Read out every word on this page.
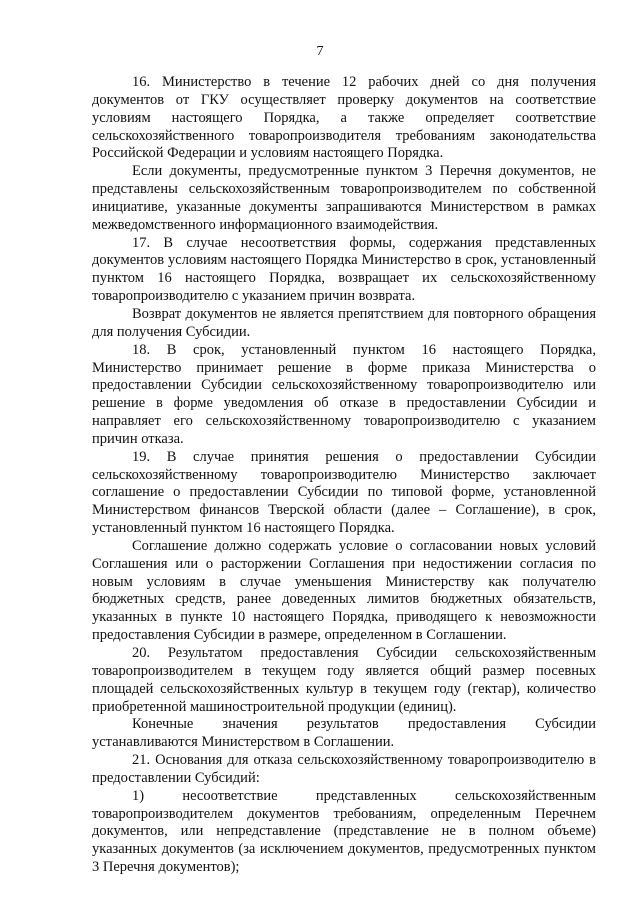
7

16. Министерство в течение 12 рабочих дней со дня получения документов от ГКУ осуществляет проверку документов на соответствие условиям настоящего Порядка, а также определяет соответствие сельскохозяйственного товаропроизводителя требованиям законодательства Российской Федерации и условиям настоящего Порядка.

Если документы, предусмотренные пунктом 3 Перечня документов, не представлены сельскохозяйственным товаропроизводителем по собственной инициативе, указанные документы запрашиваются Министерством в рамках межведомственного информационного взаимодействия.

17. В случае несоответствия формы, содержания представленных документов условиям настоящего Порядка Министерство в срок, установленный пунктом 16 настоящего Порядка, возвращает их сельскохозяйственному товаропроизводителю с указанием причин возврата.

Возврат документов не является препятствием для повторного обращения для получения Субсидии.

18. В срок, установленный пунктом 16 настоящего Порядка, Министерство принимает решение в форме приказа Министерства о предоставлении Субсидии сельскохозяйственному товаропроизводителю или решение в форме уведомления об отказе в предоставлении Субсидии и направляет его сельскохозяйственному товаропроизводителю с указанием причин отказа.

19. В случае принятия решения о предоставлении Субсидии сельскохозяйственному товаропроизводителю Министерство заключает соглашение о предоставлении Субсидии по типовой форме, установленной Министерством финансов Тверской области (далее – Соглашение), в срок, установленный пунктом 16 настоящего Порядка.

Соглашение должно содержать условие о согласовании новых условий Соглашения или о расторжении Соглашения при недостижении согласия по новым условиям в случае уменьшения Министерству как получателю бюджетных средств, ранее доведенных лимитов бюджетных обязательств, указанных в пункте 10 настоящего Порядка, приводящего к невозможности предоставления Субсидии в размере, определенном в Соглашении.

20. Результатом предоставления Субсидии сельскохозяйственным товаропроизводителем в текущем году является общий размер посевных площадей сельскохозяйственных культур в текущем году (гектар), количество приобретенной машиностроительной продукции (единиц).

Конечные значения результатов предоставления Субсидии устанавливаются Министерством в Соглашении.

21. Основания для отказа сельскохозяйственному товаропроизводителю в предоставлении Субсидий:

1) несоответствие представленных сельскохозяйственным товаропроизводителем документов требованиям, определенным Перечнем документов, или непредставление (представление не в полном объеме) указанных документов (за исключением документов, предусмотренных пунктом 3 Перечня документов);
